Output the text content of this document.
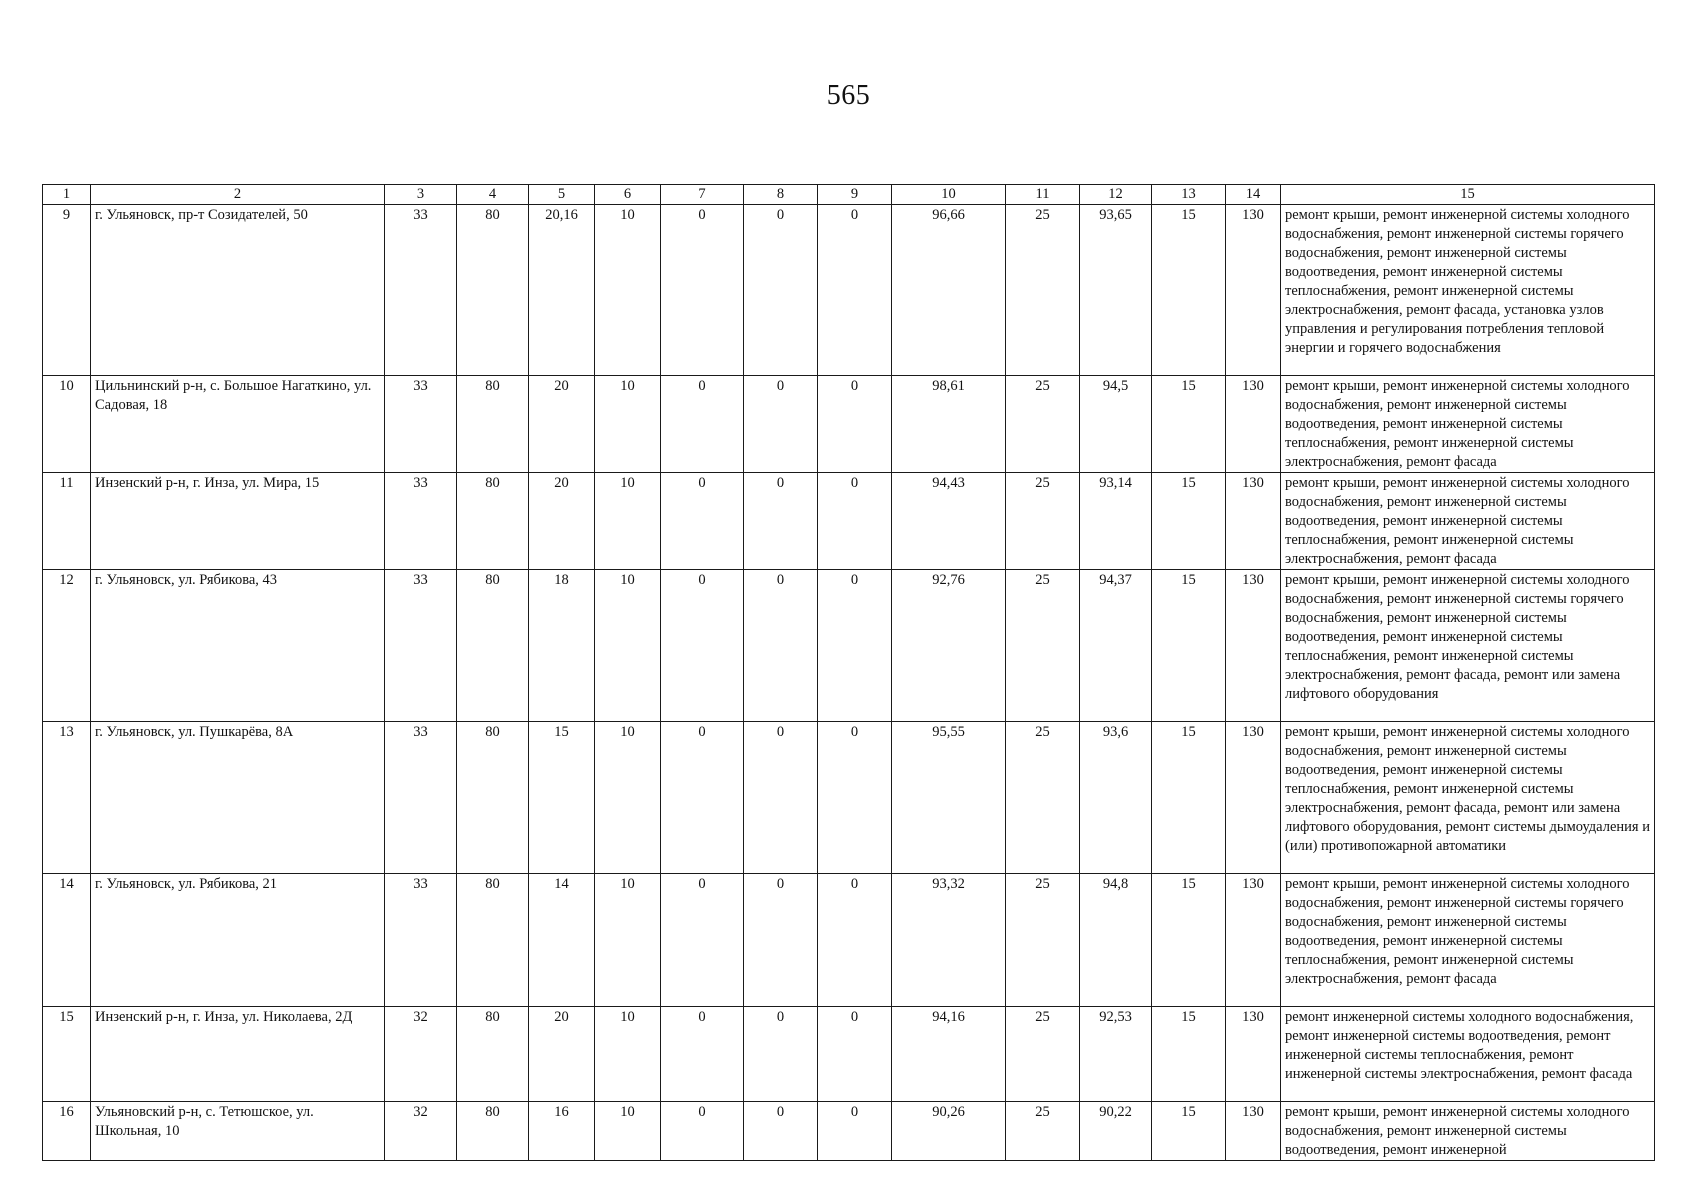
565
1	2	3	4	5	6	7	8	9	10	11	12	13	14	15
9	г. Ульяновск, пр-т Созидателей, 50	33	80	20,16	10	0	0	0	96,66	25	93,65	15	130	ремонт крыши, ремонт инженерной системы холодного водоснабжения, ремонт инженерной системы горячего водоснабжения, ремонт инженерной системы водоотведения, ремонт инженерной системы теплоснабжения, ремонт инженерной системы электроснабжения, ремонт фасада, установка узлов управления и регулирования потребления тепловой энергии и горячего водоснабжения
10	Цильнинский р-н, с. Большое Нагаткино, ул. Садовая, 18	33	80	20	10	0	0	0	98,61	25	94,5	15	130	ремонт крыши, ремонт инженерной системы холодного водоснабжения, ремонт инженерной системы водоотведения, ремонт инженерной системы теплоснабжения, ремонт инженерной системы электроснабжения, ремонт фасада
11	Инзенский р-н, г. Инза, ул. Мира, 15	33	80	20	10	0	0	0	94,43	25	93,14	15	130	ремонт крыши, ремонт инженерной системы холодного водоснабжения, ремонт инженерной системы водоотведения, ремонт инженерной системы теплоснабжения, ремонт инженерной системы электроснабжения, ремонт фасада
12	г. Ульяновск, ул. Рябикова, 43	33	80	18	10	0	0	0	92,76	25	94,37	15	130	ремонт крыши, ремонт инженерной системы холодного водоснабжения, ремонт инженерной системы горячего водоснабжения, ремонт инженерной системы водоотведения, ремонт инженерной системы теплоснабжения, ремонт инженерной системы электроснабжения, ремонт фасада, ремонт или замена лифтового оборудования
13	г. Ульяновск, ул. Пушкарёва, 8А	33	80	15	10	0	0	0	95,55	25	93,6	15	130	ремонт крыши, ремонт инженерной системы холодного водоснабжения, ремонт инженерной системы водоотведения, ремонт инженерной системы теплоснабжения, ремонт инженерной системы электроснабжения, ремонт фасада, ремонт или замена лифтового оборудования, ремонт системы дымоудаления и (или) противопожарной автоматики
14	г. Ульяновск, ул. Рябикова, 21	33	80	14	10	0	0	0	93,32	25	94,8	15	130	ремонт крыши, ремонт инженерной системы холодного водоснабжения, ремонт инженерной системы горячего водоснабжения, ремонт инженерной системы водоотведения, ремонт инженерной системы теплоснабжения, ремонт инженерной системы электроснабжения, ремонт фасада
15	Инзенский р-н, г. Инза, ул. Николаева, 2Д	32	80	20	10	0	0	0	94,16	25	92,53	15	130	ремонт инженерной системы холодного водоснабжения, ремонт инженерной системы водоотведения, ремонт инженерной системы теплоснабжения, ремонт инженерной системы электроснабжения, ремонт фасада
16	Ульяновский р-н, с. Тетюшское, ул. Школьная, 10	32	80	16	10	0	0	0	90,26	25	90,22	15	130	ремонт крыши, ремонт инженерной системы холодного водоснабжения, ремонт инженерной системы водоотведения, ремонт инженерной
